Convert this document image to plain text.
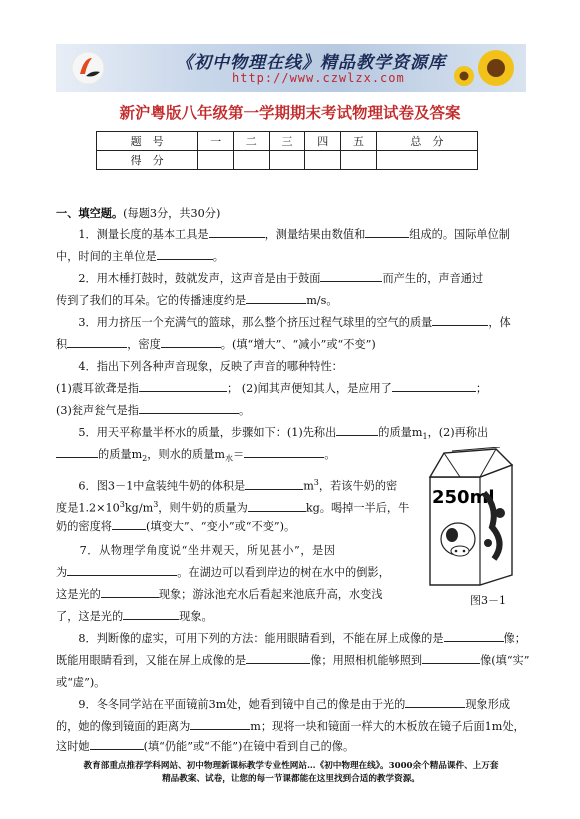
《初中物理在线》精品教学资源库
http://www.czwlzx.com
新沪粤版八年级第一学期期末考试物理试卷及答案
题　号	一	二	三	四	五	总　分
得　分						
一、填空题。(每题3分，共30分)
　　1．测量长度的基本工具是	，测量结果由数值和	组成的。国际单位制
中，时间的主单位是	。
　　2．用木棰打鼓时，鼓就发声，这声音是由于鼓面	而产生的，声音通过
传到了我们的耳朵。它的传播速度约是	m/s。
　　3．用力挤压一个充满气的篮球，那么整个挤压过程气球里的空气的质量	，体
积	，密度	。(填“增大”、“减小”或“不变”)
　　4．指出下列各种声音现象，反映了声音的哪种特性：
(1)震耳欲聋是指	； (2)闻其声便知其人，是应用了	；
(3)瓮声瓮气是指	。
　　5．用天平称量半杯水的质量，步骤如下：(1)先称出	的质量$m_1$，(2)再称出
的质量$m_2$，则水的质量$m_水=$	。
　　6．图3－1中盒装纯牛奶的体积是	$m^3$，若该牛奶的密
度是$1.2\times 10^3kg/m^3$，则牛奶的质量为	kg。喝掉一半后，牛
奶的密度将	(填变大”、“变小”或“不变”)。
　　7．从物理学角度说“坐井观天，所见甚小”，是因
为	。在湖边可以看到岸边的树在水中的倒影，
这是光的	现象；游泳池充水后看起来池底升高，水变浅
了，这是光的	现象。
250ml
图3－1
　　8．判断像的虚实，可用下列的方法：能用眼睛看到，不能在屏上成像的是	像；
既能用眼睛看到，又能在屏上成像的是	像；用照相机能够照到	像(填“实”
或“虚”)。
　　9．冬冬同学站在平面镜前3m处，她看到镜中自己的像是由于光的	现象形成
的，她的像到镜面的距离为	m；现将一块和镜面一样大的木板放在镜子后面1m处，
这时她	(填“仍能”或“不能”)在镜中看到自己的像。
教育部重点推荐学科网站、初中物理新课标教学专业性网站…《初中物理在线》。3000余个精品课件、上万套
精品教案、试卷，让您的每一节课都能在这里找到合适的教学资源。
